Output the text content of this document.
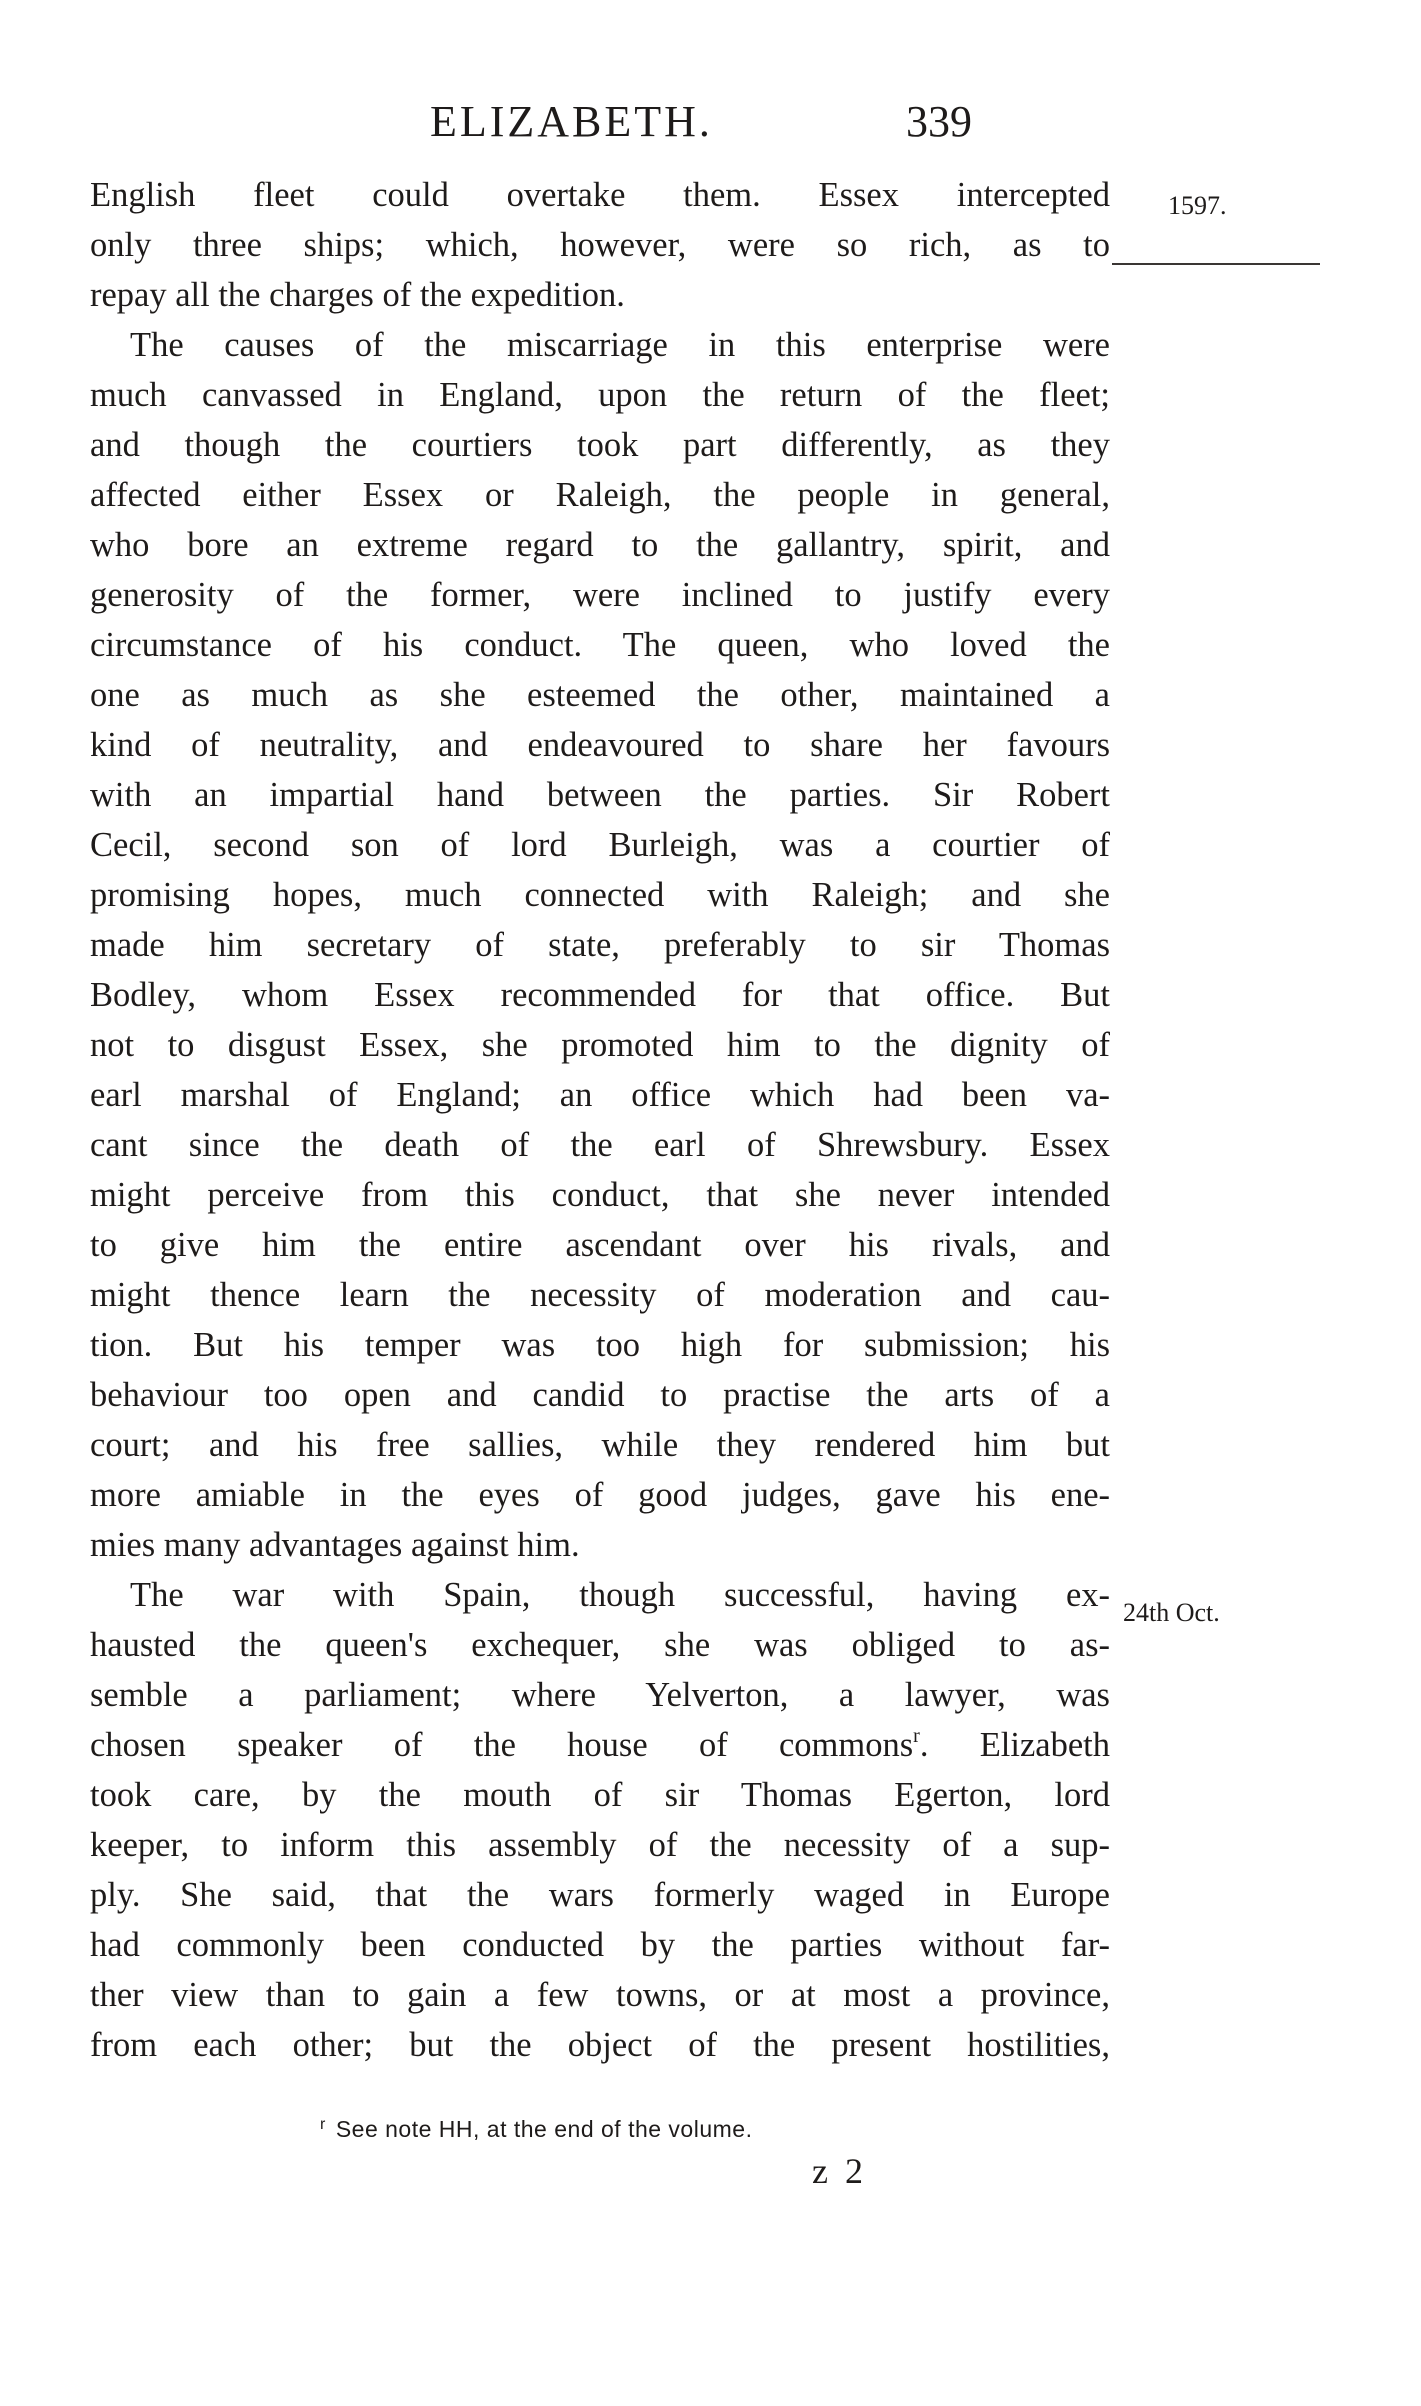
ELIZABETH.	339
1597.
24th Oct.
English fleet could overtake them. Essex intercepted
only three ships; which, however, were so rich, as to
repay all the charges of the expedition.
The causes of the miscarriage in this enterprise were
much canvassed in England, upon the return of the fleet;
and though the courtiers took part differently, as they
affected either Essex or Raleigh, the people in general,
who bore an extreme regard to the gallantry, spirit, and
generosity of the former, were inclined to justify every
circumstance of his conduct. The queen, who loved the
one as much as she esteemed the other, maintained a
kind of neutrality, and endeavoured to share her favours
with an impartial hand between the parties. Sir Robert
Cecil, second son of lord Burleigh, was a courtier of
promising hopes, much connected with Raleigh; and she
made him secretary of state, preferably to sir Thomas
Bodley, whom Essex recommended for that office. But
not to disgust Essex, she promoted him to the dignity of
earl marshal of England; an office which had been va-
cant since the death of the earl of Shrewsbury. Essex
might perceive from this conduct, that she never intended
to give him the entire ascendant over his rivals, and
might thence learn the necessity of moderation and cau-
tion. But his temper was too high for submission; his
behaviour too open and candid to practise the arts of a
court; and his free sallies, while they rendered him but
more amiable in the eyes of good judges, gave his ene-
mies many advantages against him.
The war with Spain, though successful, having ex-
hausted the queen's exchequer, she was obliged to as-
semble a parliament; where Yelverton, a lawyer, was
chosen speaker of the house of commons$^r$. Elizabeth
took care, by the mouth of sir Thomas Egerton, lord
keeper, to inform this assembly of the necessity of a sup-
ply. She said, that the wars formerly waged in Europe
had commonly been conducted by the parties without far-
ther view than to gain a few towns, or at most a province,
from each other; but the object of the present hostilities,
$^r$ See note HH, at the end of the volume.
z 2
